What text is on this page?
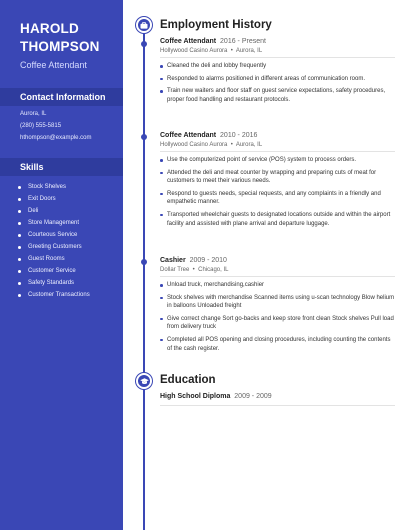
HAROLD
THOMPSON
Coffee Attendant
Contact Information
Aurora, IL
(280) 555-5815
hthompson@example.com
Skills
Stock Shelves
Exit Doors
Deli
Store Management
Courteous Service
Greeting Customers
Guest Rooms
Customer Service
Safety Standards
Customer Transactions
Employment History
Coffee Attendant 2016 - Present
Hollywood Casino Aurora  •  Aurora, IL
Cleaned the deli and lobby frequently
Responded to alarms positioned in different areas of communication room.
Train new waiters and floor staff on guest service expectations, safety procedures, proper food handling and restaurant protocols.
Coffee Attendant 2010 - 2016
Hollywood Casino Aurora  •  Aurora, IL
Use the computerized point of service (POS) system to process orders.
Attended the deli and meat counter by wrapping and preparing cuts of meat for customers to meet their various needs.
Respond to guests needs, special requests, and any complaints in a friendly and empathetic manner.
Transported wheelchair guests to designated locations outside and within the airport facility and assisted with plane arrival and departure luggage.
Cashier 2009 - 2010
Dollar Tree  •  Chicago, IL
Unload truck, merchandising,cashier
Stock shelves with merchandise Scanned items using u-scan technology Blow helium in balloons Unloaded freight
Give correct change Sort go-backs and keep store front clean Stock shelves Pull load from delivery truck
Completed all POS opening and closing procedures, including counting the contents of the cash register.
Education
High School Diploma 2009 - 2009
